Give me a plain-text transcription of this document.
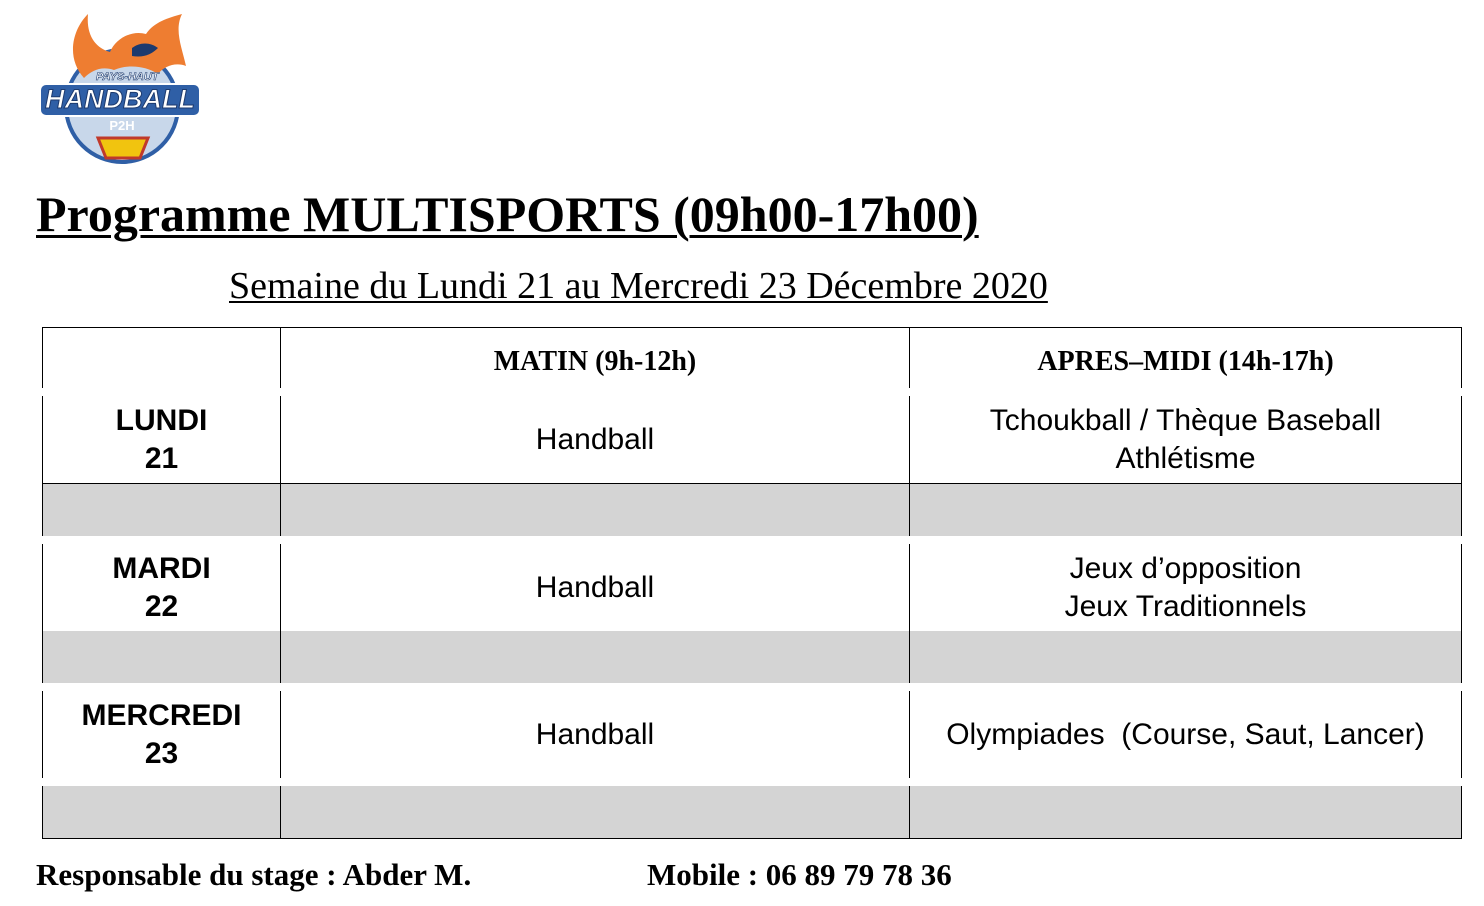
PAYS-HAUT
HANDBALL
P2H
Programme MULTISPORTS (09h00-17h00)
Semaine du Lundi 21 au Mercredi 23 Décembre 2020
	MATIN (9h-12h)	APRES–MIDI (14h-17h)

LUNDI
21	Handball	Tchoukball / Thèque Baseball
Athlétisme

MARDI
22	Handball	Jeux d’opposition
Jeux Traditionnels

MERCREDI
23	Handball	Olympiades  (Course, Saut, Lancer)

Responsable du stage : Abder M.	Mobile : 06 89 79 78 36
